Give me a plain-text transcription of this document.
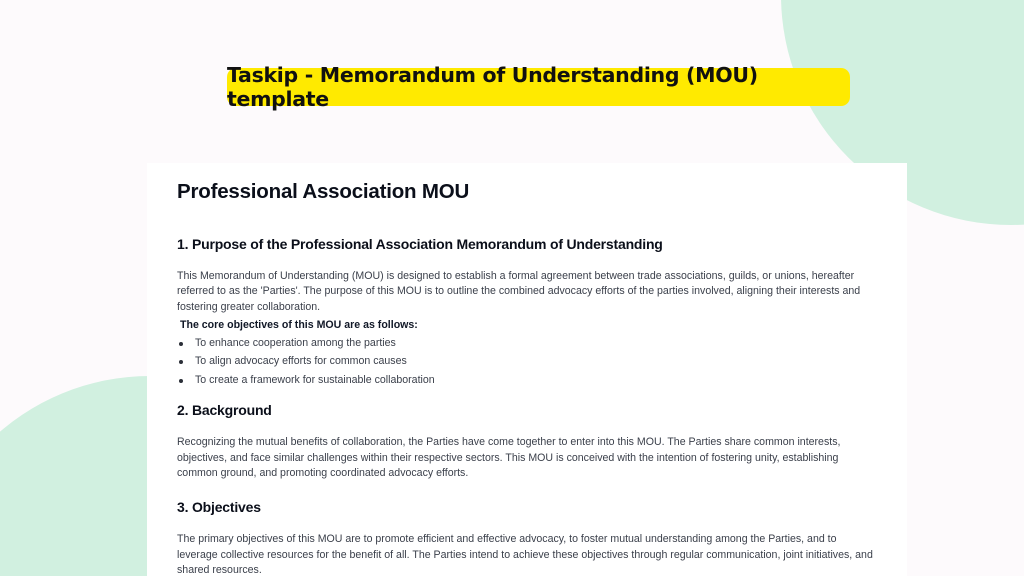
Taskip - Memorandum of Understanding (MOU) template
Professional Association MOU
1. Purpose of the Professional Association Memorandum of Understanding

This Memorandum of Understanding (MOU) is designed to establish a formal agreement between trade associations, guilds, or unions, hereafter referred to as the 'Parties'. The purpose of this MOU is to outline the combined advocacy efforts of the parties involved, aligning their interests and fostering greater collaboration.

The core objectives of this MOU are as follows:

To enhance cooperation among the parties
To align advocacy efforts for common causes
To create a framework for sustainable collaboration
2. Background

Recognizing the mutual benefits of collaboration, the Parties have come together to enter into this MOU. The Parties share common interests, objectives, and face similar challenges within their respective sectors. This MOU is conceived with the intention of fostering unity, establishing common ground, and promoting coordinated advocacy efforts.

3. Objectives

The primary objectives of this MOU are to promote efficient and effective advocacy, to foster mutual understanding among the Parties, and to leverage collective resources for the benefit of all. The Parties intend to achieve these objectives through regular communication, joint initiatives, and shared resources.
